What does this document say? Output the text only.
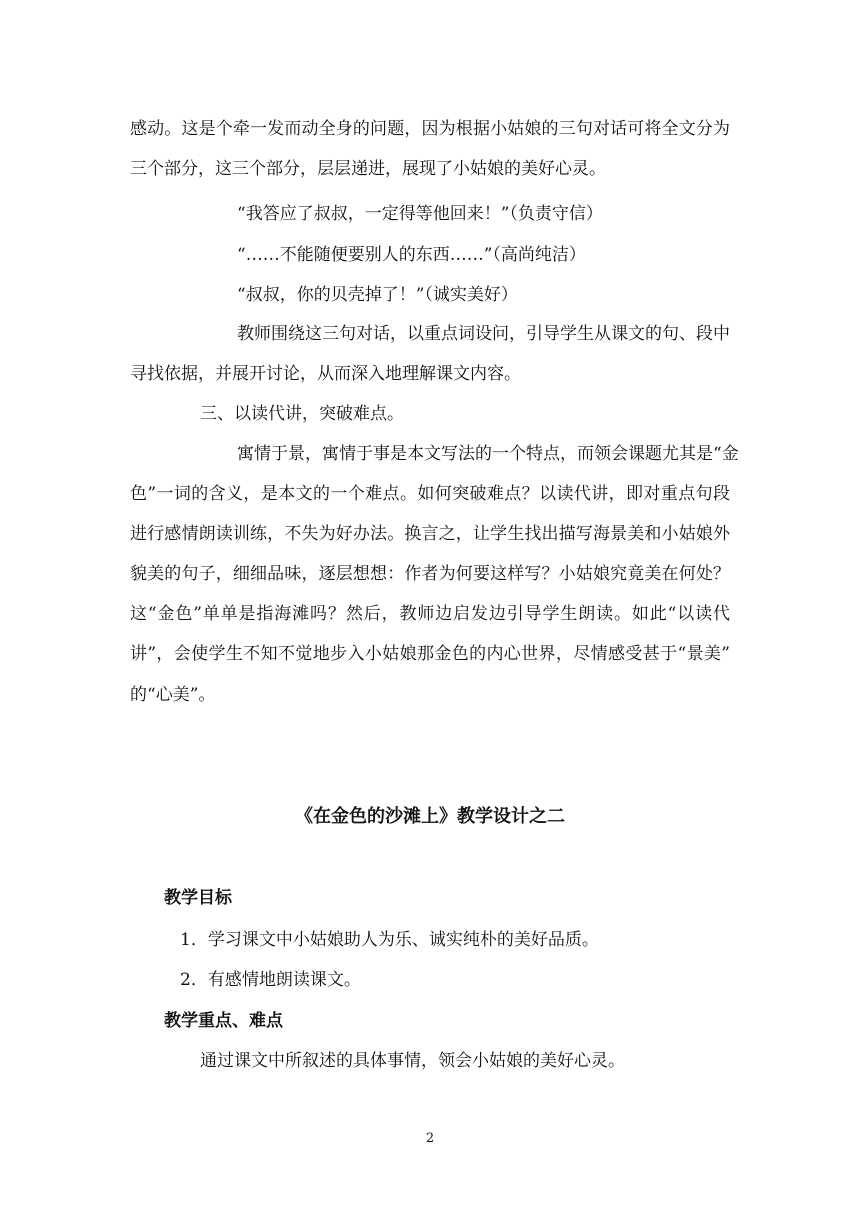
感动。这是个牵一发而动全身的问题，因为根据小姑娘的三句对话可将全文分为
三个部分，这三个部分，层层递进，展现了小姑娘的美好心灵。
“我答应了叔叔，一定得等他回来！”（负责守信）
“……不能随便要别人的东西……”（高尚纯洁）
“叔叔，你的贝壳掉了！”（诚实美好）
教师围绕这三句对话，以重点词设问，引导学生从课文的句、段中
寻找依据，并展开讨论，从而深入地理解课文内容。
三、以读代讲，突破难点。
寓情于景，寓情于事是本文写法的一个特点，而领会课题尤其是“金
色”一词的含义，是本文的一个难点。如何突破难点？以读代讲，即对重点句段
进行感情朗读训练，不失为好办法。换言之，让学生找出描写海景美和小姑娘外
貌美的句子，细细品味，逐层想想：作者为何要这样写？小姑娘究竟美在何处？
这“金色”单单是指海滩吗？然后，教师边启发边引导学生朗读。如此“以读代
讲”，会使学生不知不觉地步入小姑娘那金色的内心世界，尽情感受甚于“景美”
的“心美”。
《在金色的沙滩上》教学设计之二
教学目标
1．学习课文中小姑娘助人为乐、诚实纯朴的美好品质。
2．有感情地朗读课文。
教学重点、难点
通过课文中所叙述的具体事情，领会小姑娘的美好心灵。
2
